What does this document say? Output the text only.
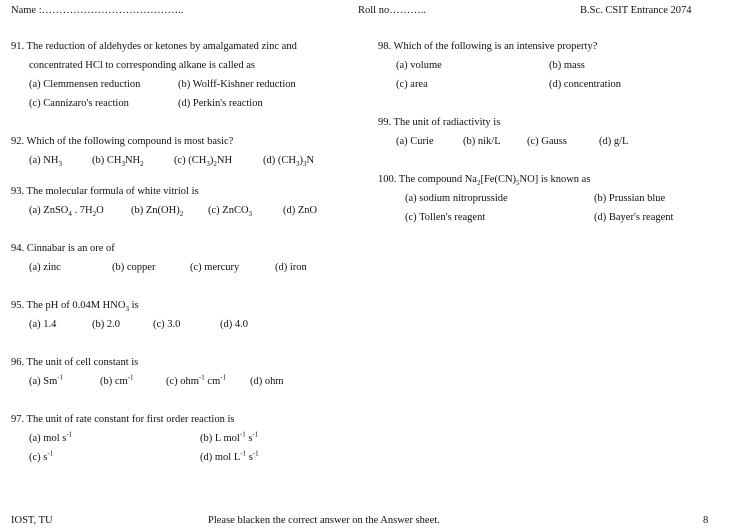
Name :…………………………………..	Roll no………..	B.Sc. CSIT Entrance 2074
91. The reduction of aldehydes or ketones by amalgamated zinc and
concentrated HCl to corresponding alkane is called as
(a) Clemmensen reduction	(b) Wolff-Kishner reduction
(c) Cannizaro's reaction	(d) Perkin's reaction
92. Which of the following compound is most basic?
(a) $NH_3$	(b) $CH_3NH_2$	(c) $(CH_3)_2NH$	(d) $(CH_3)_3N$
93. The molecular formula of white vitriol is
(a) ZnSO$_4$ . $7H_2O$	(b) $Zn(OH)_2$ (c) ZnCO$_3$	(d) ZnO
94. Cinnabar is an ore of
(a) zinc	(b) copper	(c) mercury	(d) iron
95. The pH of 0.04M $HNO_3$ is
(a) 1.4	(b) 2.0	(c) 3.0	(d) 4.0
96. The unit of cell constant is
(a) $Sm^{-1}$	(b) $cm^{-1}$	(c) ohm$^{-1}$ $cm^{-1}$ (d) ohm
97. The unit of rate constant for first order reaction is
(a) mol $s^{-1}$	(b) L mol$^{-1}$ $s^{-1}$
(c) $s^{-1}$	(d) mol $L^{-1}$ $s^{-1}$
98. Which of the following is an intensive property?
(a) volume	(b) mass
(c) area	(d) concentration
99. The unit of radiactivity is
(a) Curie	(b) nik/L	(c) Gauss	(d) g/L
100. The compound $Na_2[Fe(CN)_5NO]$ is known as
(a) sodium nitroprusside	(b) Prussian blue
(c) Tollen's reagent	(d) Bayer's reagent
IOST, TU	Please blacken the correct answer on the Answer sheet.	8
